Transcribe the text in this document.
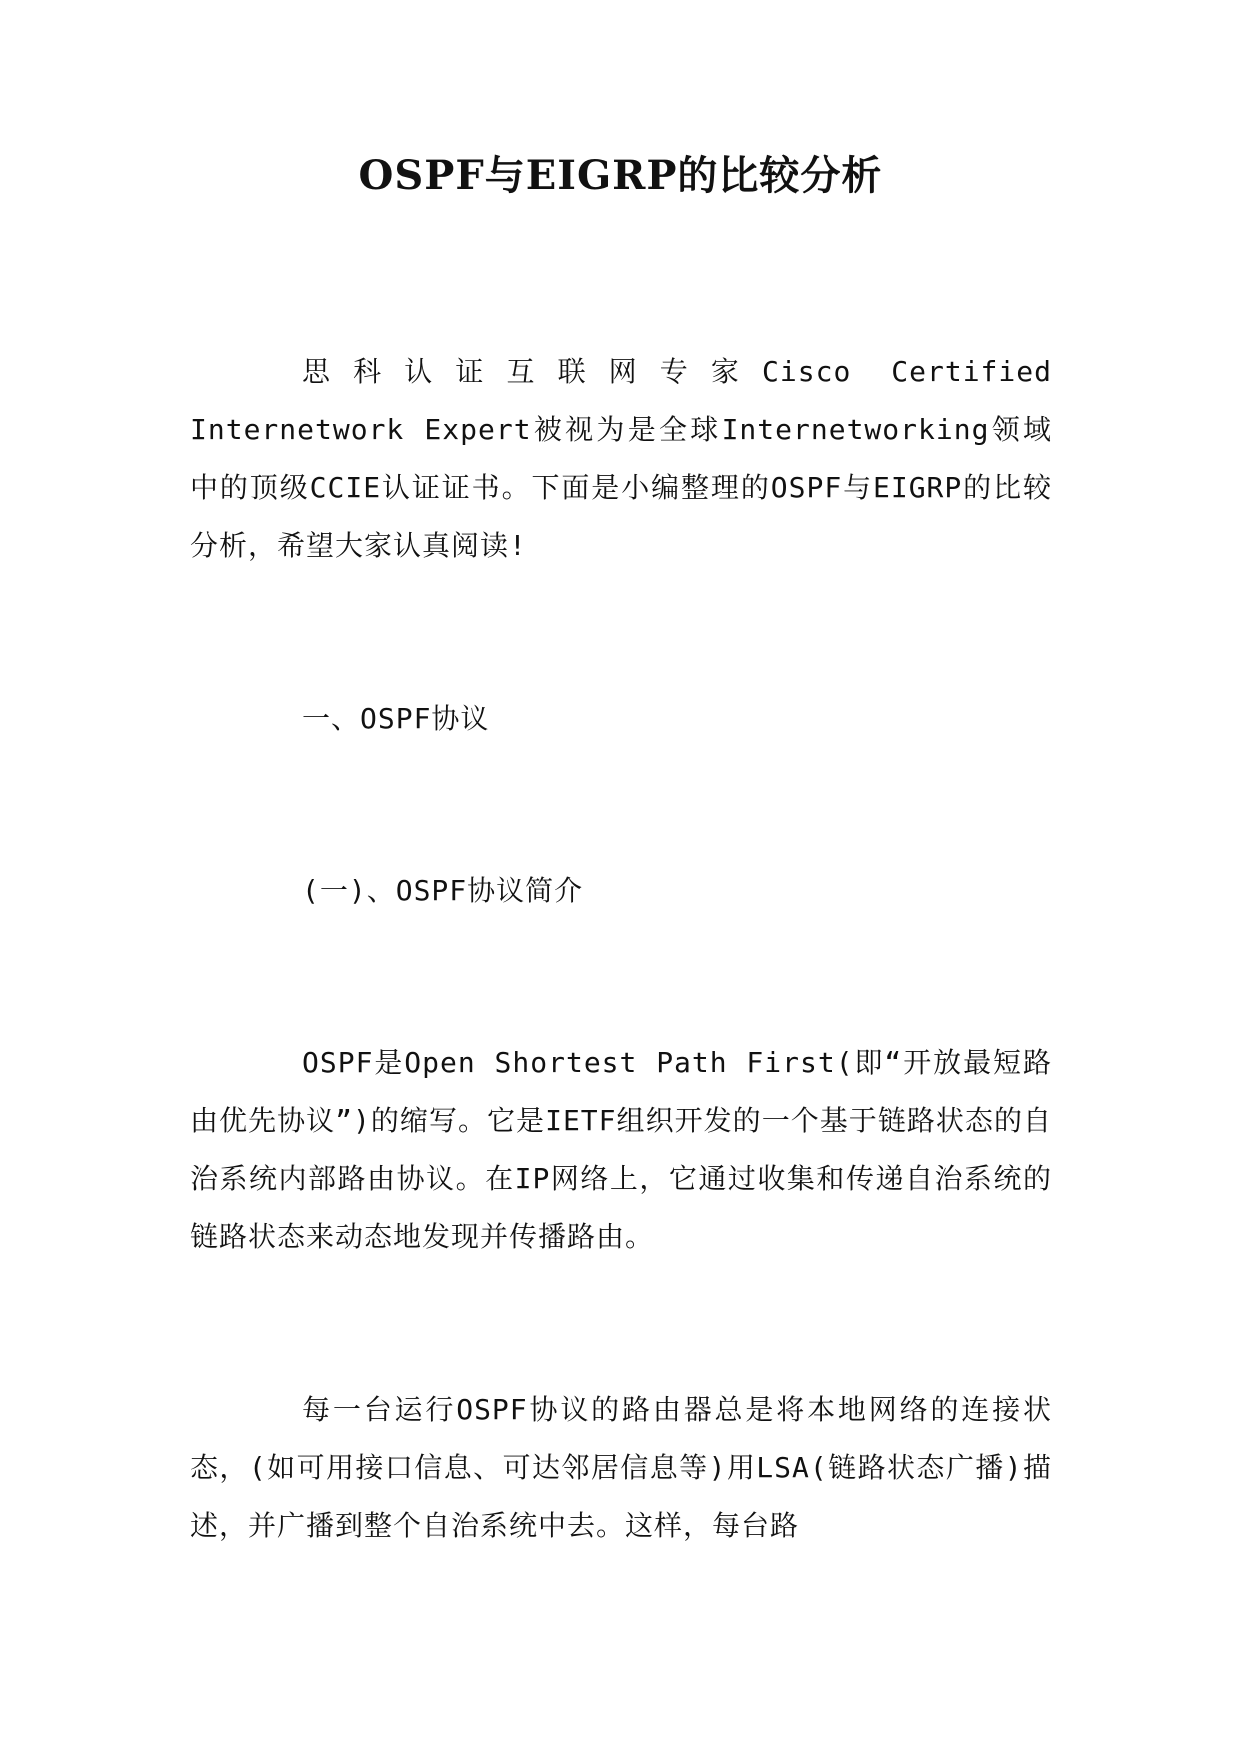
OSPF与EIGRP的比较分析

思科认证互联网专家Cisco Certified Internetwork Expert被视为是全球Internetworking领域中的顶级CCIE认证证书。下面是小编整理的OSPF与EIGRP的比较分析，希望大家认真阅读!

一、OSPF协议

(一)、OSPF协议简介

OSPF是Open Shortest Path First(即“开放最短路由优先协议”)的缩写。它是IETF组织开发的一个基于链路状态的自治系统内部路由协议。在IP网络上，它通过收集和传递自治系统的链路状态来动态地发现并传播路由。

每一台运行OSPF协议的路由器总是将本地网络的连接状态，(如可用接口信息、可达邻居信息等)用LSA(链路状态广播)描述，并广播到整个自治系统中去。这样，每台路
